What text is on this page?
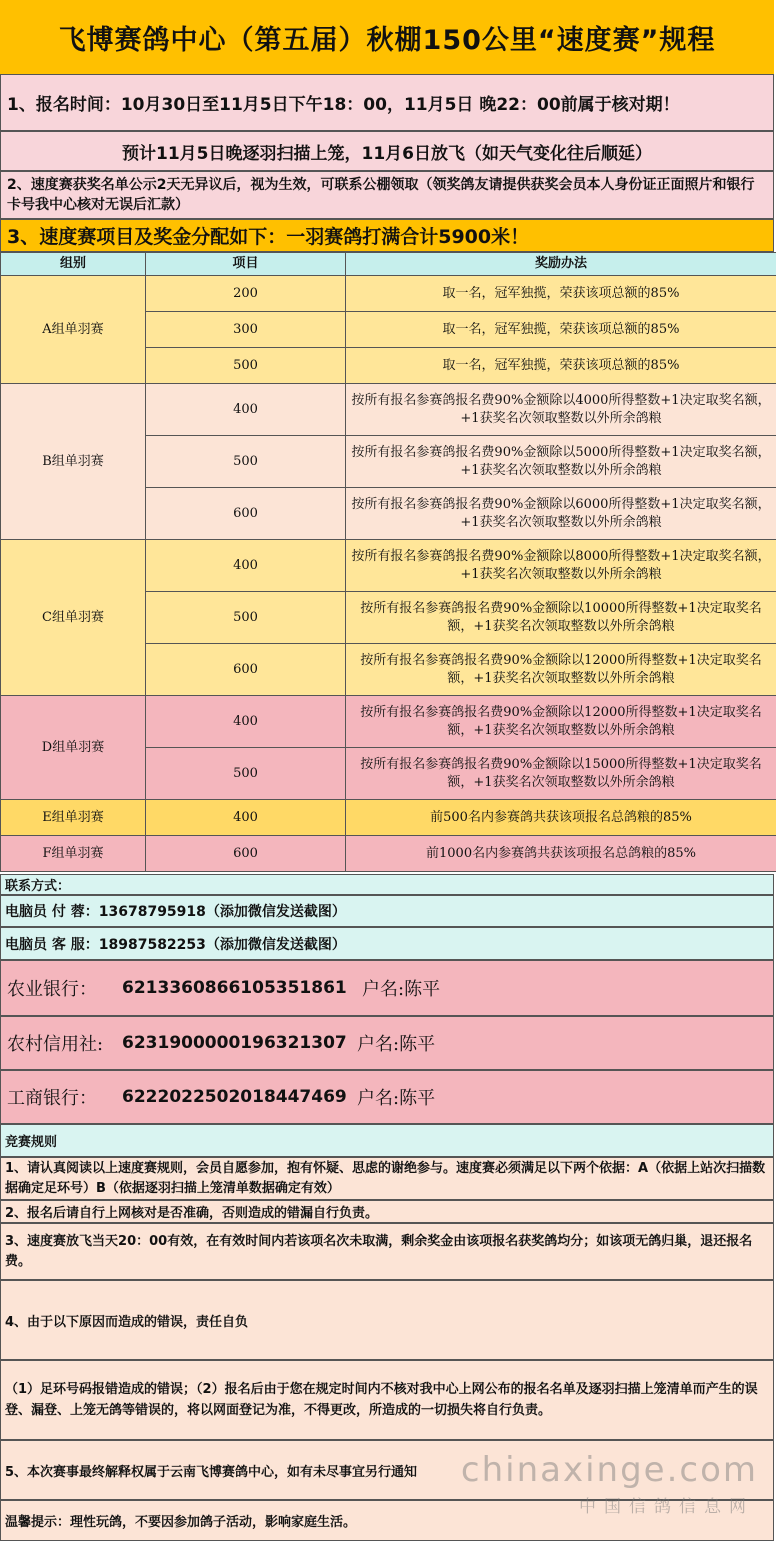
飞博赛鸽中心（第五届）秋棚150公里“速度赛”规程
1、报名时间：10月30日至11月5日下午18：00，11月5日 晚22：00前属于核对期！
预计11月5日晚逐羽扫描上笼，11月6日放飞（如天气变化往后顺延）
2、速度赛获奖名单公示2天无异议后，视为生效，可联系公棚领取（领奖鸽友请提供获奖会员本人身份证正面照片和银行卡号我中心核对无误后汇款）
3、速度赛项目及奖金分配如下：一羽赛鸽打满合计5900米！
组别	项目	奖励办法
A组单羽赛	200	取一名，冠军独揽，荣获该项总额的85%
	300	取一名，冠军独揽，荣获该项总额的85%
	500	取一名，冠军独揽，荣获该项总额的85%
B组单羽赛	400	按所有报名参赛鸽报名费90%金额除以4000所得整数+1决定取奖名额，+1获奖名次领取整数以外所余鸽粮
	500	按所有报名参赛鸽报名费90%金额除以5000所得整数+1决定取奖名额，+1获奖名次领取整数以外所余鸽粮
	600	按所有报名参赛鸽报名费90%金额除以6000所得整数+1决定取奖名额，+1获奖名次领取整数以外所余鸽粮
C组单羽赛	400	按所有报名参赛鸽报名费90%金额除以8000所得整数+1决定取奖名额，+1获奖名次领取整数以外所余鸽粮
	500	按所有报名参赛鸽报名费90%金额除以10000所得整数+1决定取奖名额，+1获奖名次领取整数以外所余鸽粮
	600	按所有报名参赛鸽报名费90%金额除以12000所得整数+1决定取奖名额，+1获奖名次领取整数以外所余鸽粮
D组单羽赛	400	按所有报名参赛鸽报名费90%金额除以12000所得整数+1决定取奖名额，+1获奖名次领取整数以外所余鸽粮
	500	按所有报名参赛鸽报名费90%金额除以15000所得整数+1决定取奖名额，+1获奖名次领取整数以外所余鸽粮
E组单羽赛	400	前500名内参赛鸽共获该项报名总鸽粮的85%
F组单羽赛	600	前1000名内参赛鸽共获该项报名总鸽粮的85%
联系方式：
电脑员 付 蓉：13678795918（添加微信发送截图）
电脑员 客 服：18987582253（添加微信发送截图）
农业银行：	6213360866105351861 户名:陈平
农村信用社:	6231900000196321307 户名:陈平
工商银行：	6222022502018447469 户名:陈平
竞赛规则
1、请认真阅读以上速度赛规则，会员自愿参加，抱有怀疑、思虑的谢绝参与。速度赛必须满足以下两个依据：A（依据上站次扫描数据确定足环号）B（依据逐羽扫描上笼清单数据确定有效）
2、报名后请自行上网核对是否准确，否则造成的错漏自行负责。
3、速度赛放飞当天20：00有效，在有效时间内若该项名次未取满，剩余奖金由该项报名获奖鸽均分；如该项无鸽归巢，退还报名费。
4、由于以下原因而造成的错误，责任自负
（1）足环号码报错造成的错误；（2）报名后由于您在规定时间内不核对我中心上网公布的报名名单及逐羽扫描上笼清单而产生的误登、漏登、上笼无鸽等错误的，将以网面登记为准，不得更改，所造成的一切损失将自行负责。
5、本次赛事最终解释权属于云南飞博赛鸽中心，如有未尽事宜另行通知
温馨提示：理性玩鸽，不要因参加鸽子活动，影响家庭生活。
chinaxinge.com
中国信鸽信息网
